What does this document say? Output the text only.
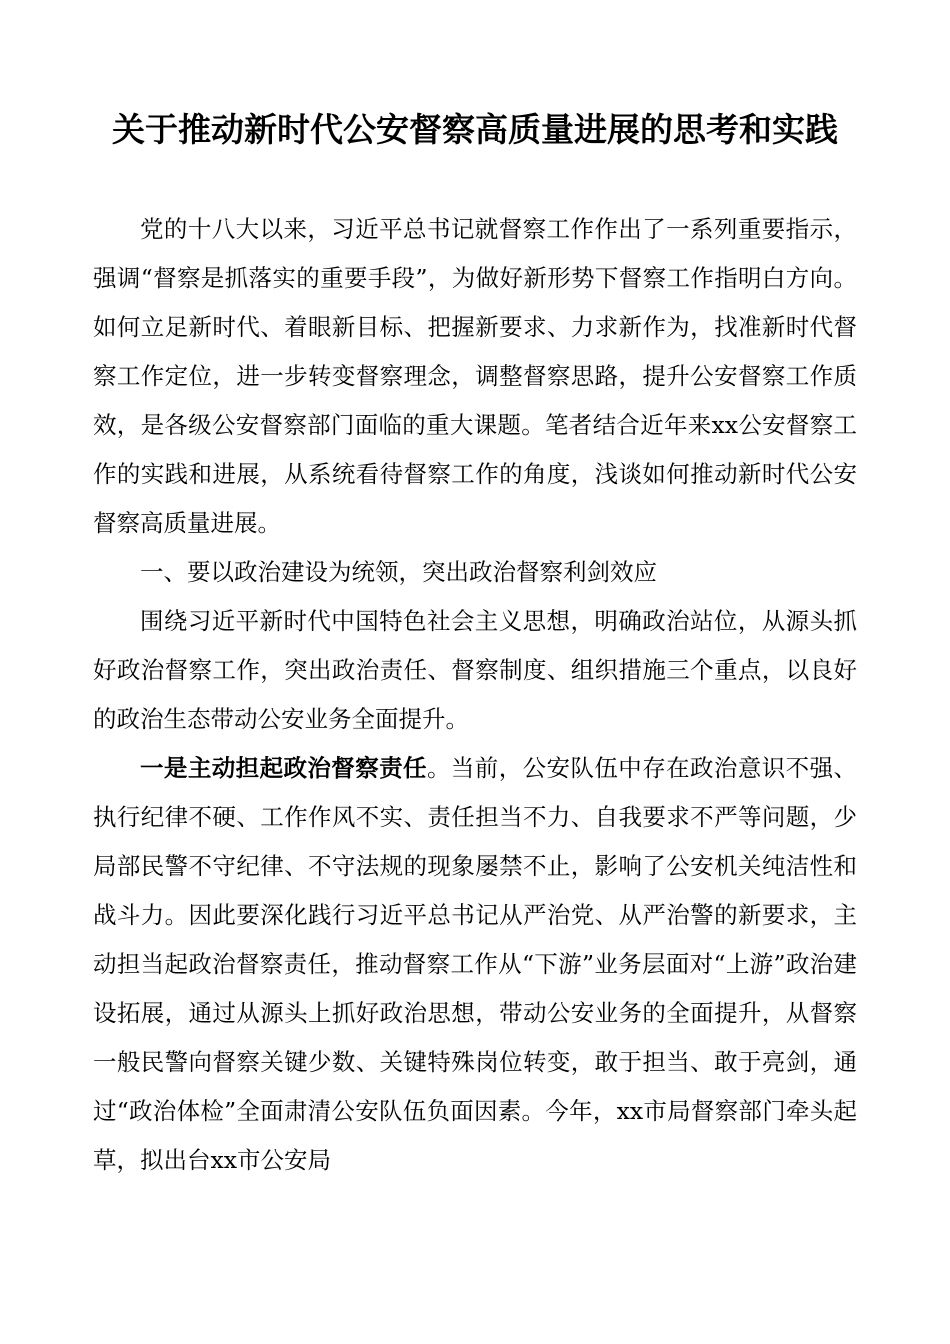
关于推动新时代公安督察高质量进展的思考和实践

党的十八大以来，习近平总书记就督察工作作出了一系列重要指示，强调“督察是抓落实的重要手段”，为做好新形势下督察工作指明白方向。如何立足新时代、着眼新目标、把握新要求、力求新作为，找准新时代督察工作定位，进一步转变督察理念，调整督察思路，提升公安督察工作质效，是各级公安督察部门面临的重大课题。笔者结合近年来xx公安督察工作的实践和进展，从系统看待督察工作的角度，浅谈如何推动新时代公安督察高质量进展。

一、要以政治建设为统领，突出政治督察利剑效应

围绕习近平新时代中国特色社会主义思想，明确政治站位，从源头抓好政治督察工作，突出政治责任、督察制度、组织措施三个重点，以良好的政治生态带动公安业务全面提升。

一是主动担起政治督察责任。当前，公安队伍中存在政治意识不强、执行纪律不硬、工作作风不实、责任担当不力、自我要求不严等问题，少局部民警不守纪律、不守法规的现象屡禁不止，影响了公安机关纯洁性和战斗力。因此要深化践行习近平总书记从严治党、从严治警的新要求，主动担当起政治督察责任，推动督察工作从“下游”业务层面对“上游”政治建设拓展，通过从源头上抓好政治思想，带动公安业务的全面提升，从督察一般民警向督察关键少数、关键特殊岗位转变，敢于担当、敢于亮剑，通过“政治体检”全面肃清公安队伍负面因素。今年，xx市局督察部门牵头起草，拟出台xx市公安局
